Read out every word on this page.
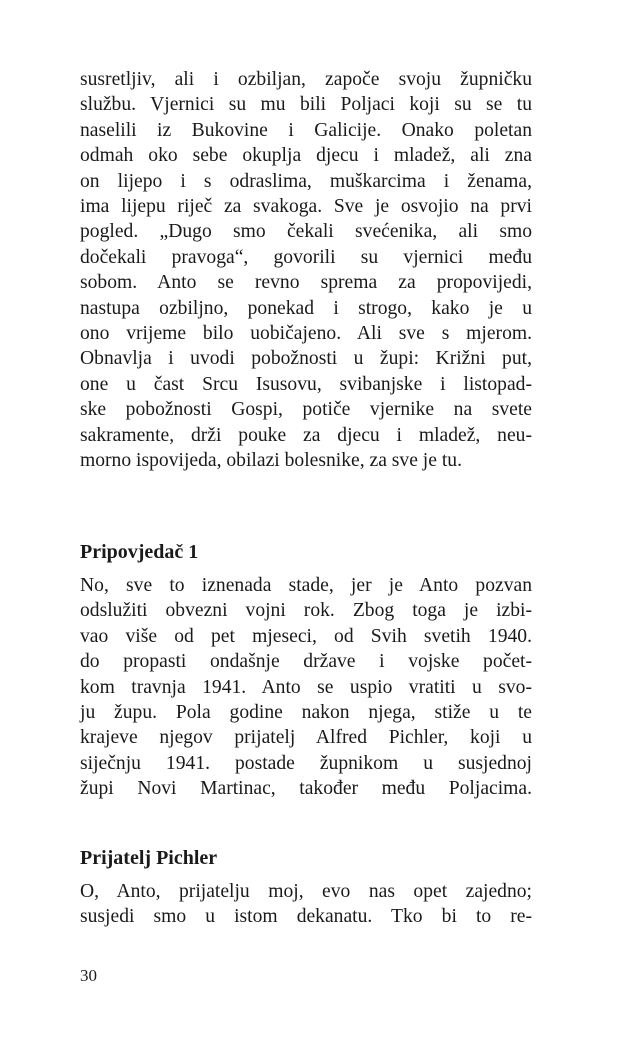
susretljiv, ali i ozbiljan, započe svoju župničku
službu. Vjernici su mu bili Poljaci koji su se tu
naselili iz Bukovine i Galicije. Onako poletan
odmah oko sebe okuplja djecu i mladež, ali zna
on lijepo i s odraslima, muškarcima i ženama,
ima lijepu riječ za svakoga. Sve je osvojio na prvi
pogled. „Dugo smo čekali svećenika, ali smo
dočekali pravoga“, govorili su vjernici među
sobom. Anto se revno sprema za propovijedi,
nastupa ozbiljno, ponekad i strogo, kako je u
ono vrijeme bilo uobičajeno. Ali sve s mjerom.
Obnavlja i uvodi pobožnosti u župi: Križni put,
one u čast Srcu Isusovu, svibanjske i listopad-
ske pobožnosti Gospi, potiče vjernike na svete
sakramente, drži pouke za djecu i mladež, neu-
morno ispovijeda, obilazi bolesnike, za sve je tu.
Pripovjedač 1
No, sve to iznenada stade, jer je Anto pozvan
odslužiti obvezni vojni rok. Zbog toga je izbi-
vao više od pet mjeseci, od Svih svetih 1940.
do propasti ondašnje države i vojske počet-
kom travnja 1941. Anto se uspio vratiti u svo-
ju župu. Pola godine nakon njega, stiže u te
krajeve njegov prijatelj Alfred Pichler, koji u
siječnju 1941. postade župnikom u susjednoj
župi Novi Martinac, također među Poljacima.
Prijatelj Pichler
O, Anto, prijatelju moj, evo nas opet zajedno;
susjedi smo u istom dekanatu. Tko bi to re-
30
